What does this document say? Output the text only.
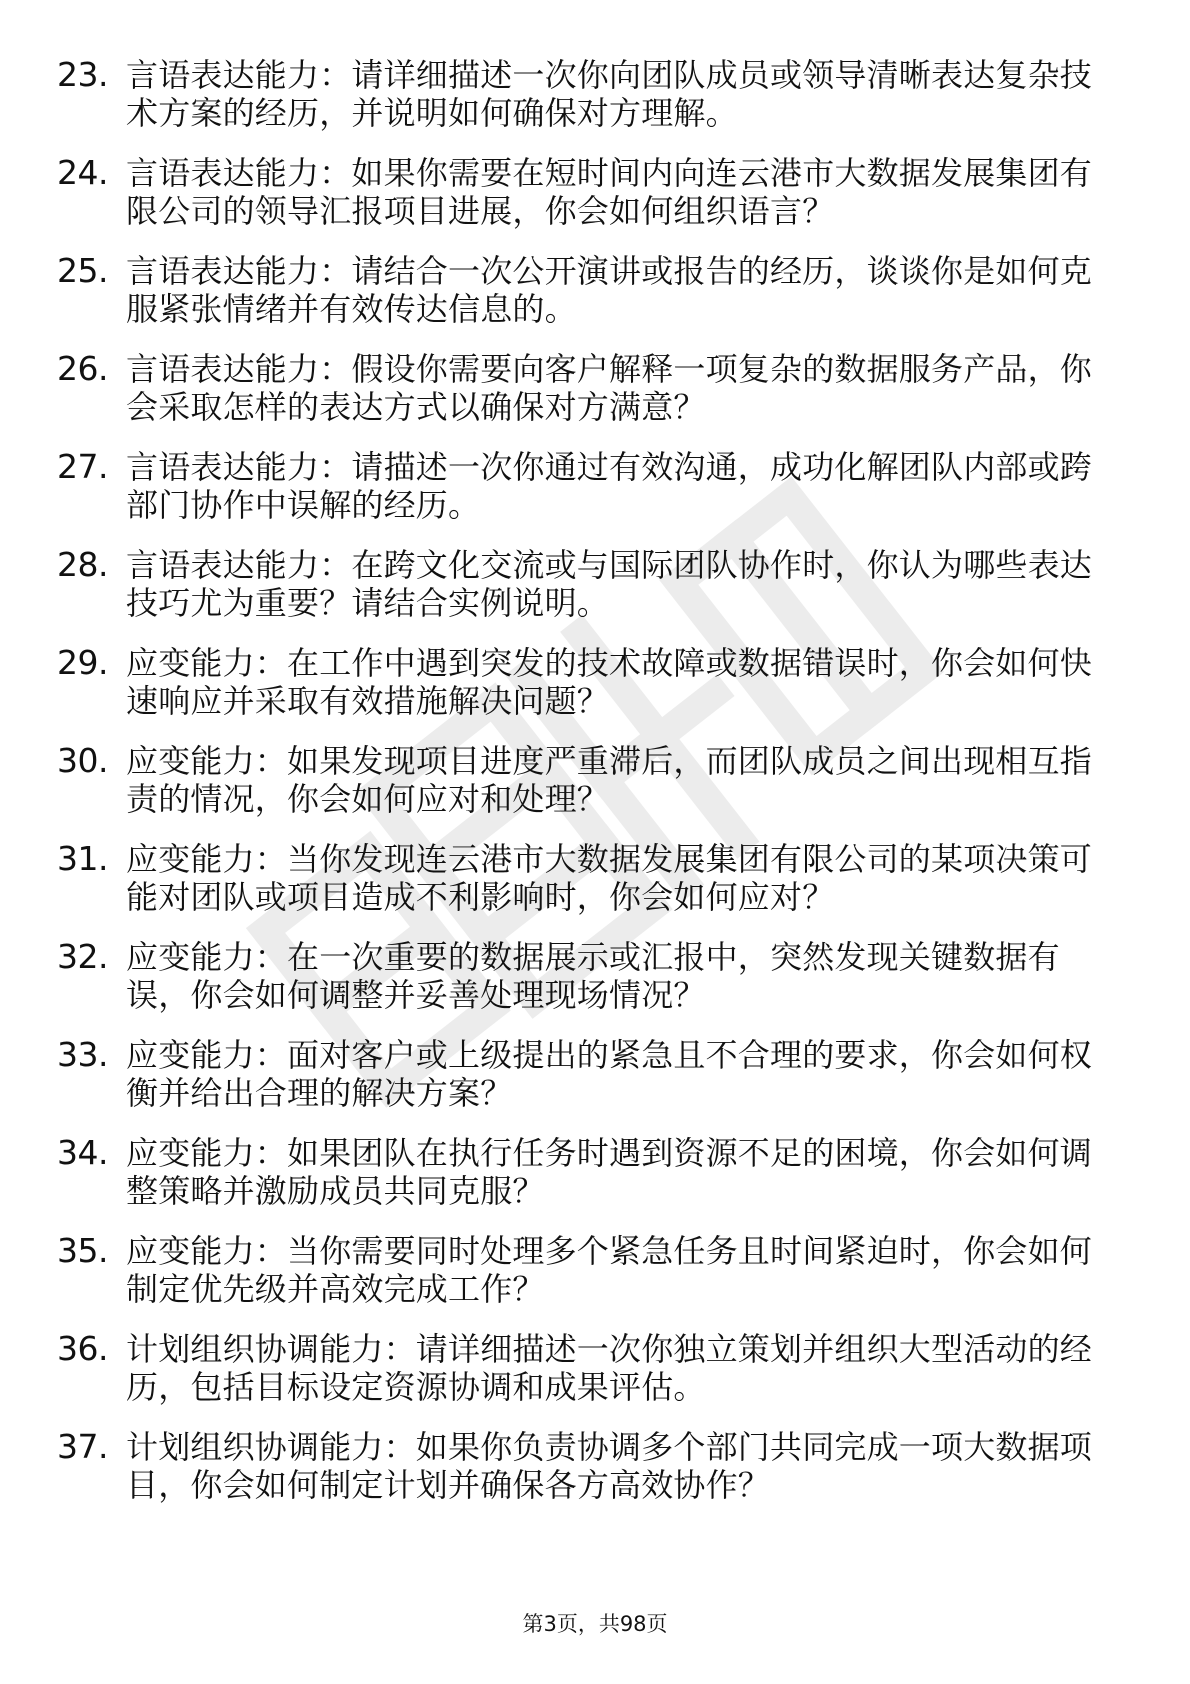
23. 言语表达能力：请详细描述一次你向团队成员或领导清晰表达复杂技术方案的经历，并说明如何确保对方理解。
24. 言语表达能力：如果你需要在短时间内向连云港市大数据发展集团有限公司的领导汇报项目进展，你会如何组织语言？
25. 言语表达能力：请结合一次公开演讲或报告的经历，谈谈你是如何克服紧张情绪并有效传达信息的。
26. 言语表达能力：假设你需要向客户解释一项复杂的数据服务产品，你会采取怎样的表达方式以确保对方满意？
27. 言语表达能力：请描述一次你通过有效沟通，成功化解团队内部或跨部门协作中误解的经历。
28. 言语表达能力：在跨文化交流或与国际团队协作时，你认为哪些表达技巧尤为重要？请结合实例说明。
29. 应变能力：在工作中遇到突发的技术故障或数据错误时，你会如何快速响应并采取有效措施解决问题？
30. 应变能力：如果发现项目进度严重滞后，而团队成员之间出现相互指责的情况，你会如何应对和处理？
31. 应变能力：当你发现连云港市大数据发展集团有限公司的某项决策可能对团队或项目造成不利影响时，你会如何应对？
32. 应变能力：在一次重要的数据展示或汇报中，突然发现关键数据有误，你会如何调整并妥善处理现场情况？
33. 应变能力：面对客户或上级提出的紧急且不合理的要求，你会如何权衡并给出合理的解决方案？
34. 应变能力：如果团队在执行任务时遇到资源不足的困境，你会如何调整策略并激励成员共同克服？
35. 应变能力：当你需要同时处理多个紧急任务且时间紧迫时，你会如何制定优先级并高效完成工作？
36. 计划组织协调能力：请详细描述一次你独立策划并组织大型活动的经历，包括目标设定资源协调和成果评估。
37. 计划组织协调能力：如果你负责协调多个部门共同完成一项大数据项目，你会如何制定计划并确保各方高效协作？
第3页，共98页
